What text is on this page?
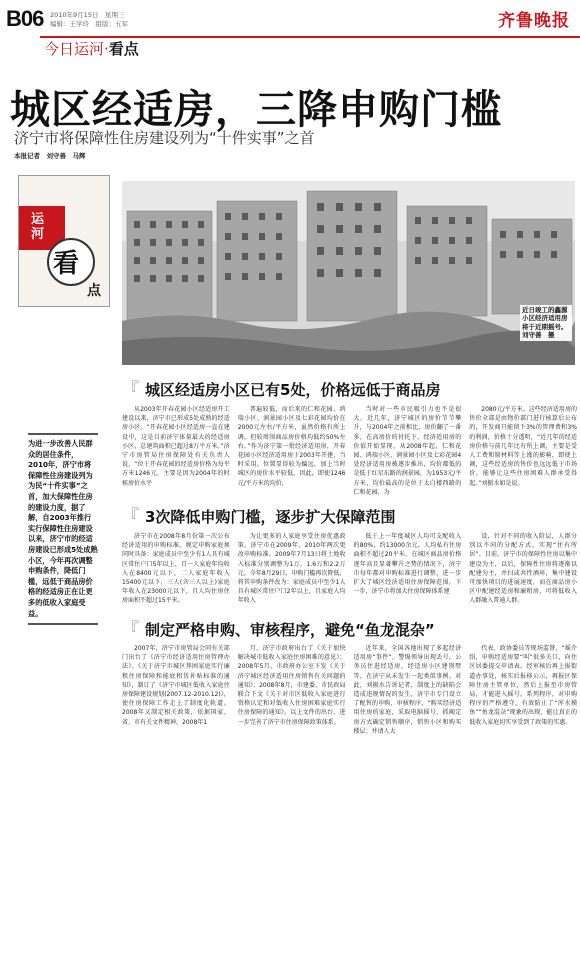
B06 2010年9月15日　星期三
编辑：王学玲　组版：五军	齐鲁晚报
今日运河·看点
城区经适房，三降申购门槛
济宁市将保障性住房建设列为“十件实事”之首
本报记者　刘守善　马辉
运河
看
点
近日竣工的鑫源小区经济适用房将于近期摇号。　刘守善　摄
为进一步改善人民群众的居住条件，2010年，济宁市将保障性住房建设列为为民“十件实事”之首，加大保障性住房的建设力度，据了解，自2003年推行实行保障性住房建设以来，济宁市的经适房建设已形成5处成熟小区，今年再次调整申购条件，降低门槛，远低于商品房价格的经适房正在让更多的低收入家庭受益。
『 城区经适房小区已有5处，价格远低于商品房

从2003年开春花园小区经适房开工建设以来，济宁市已形成5处成熟的经适房小区。“开春花园小区经适房一直在建设中，这是目前济宁体量最大的经适房小区，总建筑面积已超过8万平方米。”济宁市房管局住房保障处有关负责人说，“位于开春花园的经适房价格为每平方米1246元，主要是因为2004年的时候房价水平

普遍较低，而后来的仁和花园、鸿瑞小区、润景园小区及七彩花园均价在2000元左右/平方米，虽然价格有所上调，但较周围商品房价格均低约50%左右。”作为济宁第一批经济适用房，开春花园小区经济适用房于2003年开建，当时采用，位置显得较为偏远，加上当时城区的房价水平较低，因此，即使1246元/平方米的均价，

当时对一些市民吸引力也不是很大。近几年，济宁城区的房价节节攀升，与2004年之前相比，房价翻了一番多，在高房价的衬托下，经济适用房的价值开始显现，从2008年起，仁和花园、鸿瑞小区、润景园小区及七彩花园4处经济适用房被逐步推出，均价都低的是低于红星东路的润景园，为1953元/平方米，均价最高的是位于太白楼西路的仁和花园，为

2080元/平方米。这些经济适用房的售价全部是由物价部门进行核算后公布的，开发商只能留下3%的管理费和3%的利润，价格十分透明，“近几年的经适房价格与前几年比有所上调，主要是受人工费和原材料等上涨的影响，即使上调，这些经适房的售价也远远低于市场价，能够让这些住房困难人群承受得起。”刘振水如是说。

『 3次降低申购门槛，逐步扩大保障范围

济宁市在2008年8月份第一次公布经济适用的申购标准，规定申购家庭须同时具备：家庭成员中至少有1人具有城区常住户口5年以上，且一人家庭年均收入在8400元以下，二人家庭年收入15400元以下，三人(含三人以上)家庭年收入在23000元以下，且人均住房住房面积不超过15平米。

为让更多的人家庭享受住房优惠政策，济宁市在2009年，2010年两次更改申购标准。2009年7月13日将土地收入标准分别调整为1万，1.6万和2.2万元。今年8月29日，申购门槛再次降低，将其申购条件改为：家庭成员中至少1人具有城区常住户口2年以上，且家庭人均年收入

低于上一年度城区人均可支配收入的80%，约13000余元，人均私有住房面积不超过20平米。在城区商品房价格逐年高且显著攀升之势的情况下，济宁市每年都对申购标准进行调整，进一步扩大了城区经济适用住房保障范围，下一步，济宁市将加大住房保障体系建

设，针对不同的收入阶层，人群分别以不同的分配方式，实现“住有所居”。目前，济宁市的保障性住房以集中建设为主，以后，保障性住房将逐渐以配建为主，并扫或共性酒环，集中建设可加快项目的进展速度，而在商品房小区中配建经适房和廉租房，可将低收入人群融入普通人群。

『 制定严格申购、审核程序，避免“鱼龙混杂”

2007年，济宁市房管局会同有关部门出台了《济宁市经济适用住房管理办法》、《关于济宁市城区拜困家庭实行廉租住房保障和能底租赁补贴标准的通知》，制订了《济宁市城区低收入家庭住房保障建设规划(2007.12-2010.12)》，使住房保障工作走上了制度化轨道。2008年又制定相关政策，依据国家、省、市有关文件精神，2008年1

月，济宁市政府出台了《关于加快解决城市低收入家庭住房困难的意见》；2008年5月，市政府办公室下发《关于济宁城区经济适用住房销售有关问题的通知》；2008年8月，市建委、市民政局联合下文《关于对市区低收入家庭进行资格认定和对低收入住房困难家庭实行住房保障的通知》。以上文件的出台，进一步完善了济宁市住房保障政策体系。

近年来，全国各地出现了多起经济适用房“事件”，警惕领导出现丢号，公务员住进经适房，经适房小区建别墅等，在济宁从未发生一起类似事例。对此，刘振水告诉记者，制度上的缺陷会造成违规情况的发生，济宁市专门设立了配售的申购、审核程序，“购买经济适用住房的家庭，采取电脑摇号、抓阄定房方式确定销售顺序，销售小区和购买楼层；并请人大

代表、政协委员等现场监督，“摇介绍，申购经适房要“叫”很多关口，向住区居委提交申请表，经审核后再上报街道办事处，核实后报移公示，再报区保障住房主管单位，然后上报至市房管局，才能进入摇号，系列程序，对申购程序的严格遵守，有效防止了“浑水摸鱼”“鱼龙混杂”现象的出现，能让真正的低收入家庭切实享受到了政策的实惠。
